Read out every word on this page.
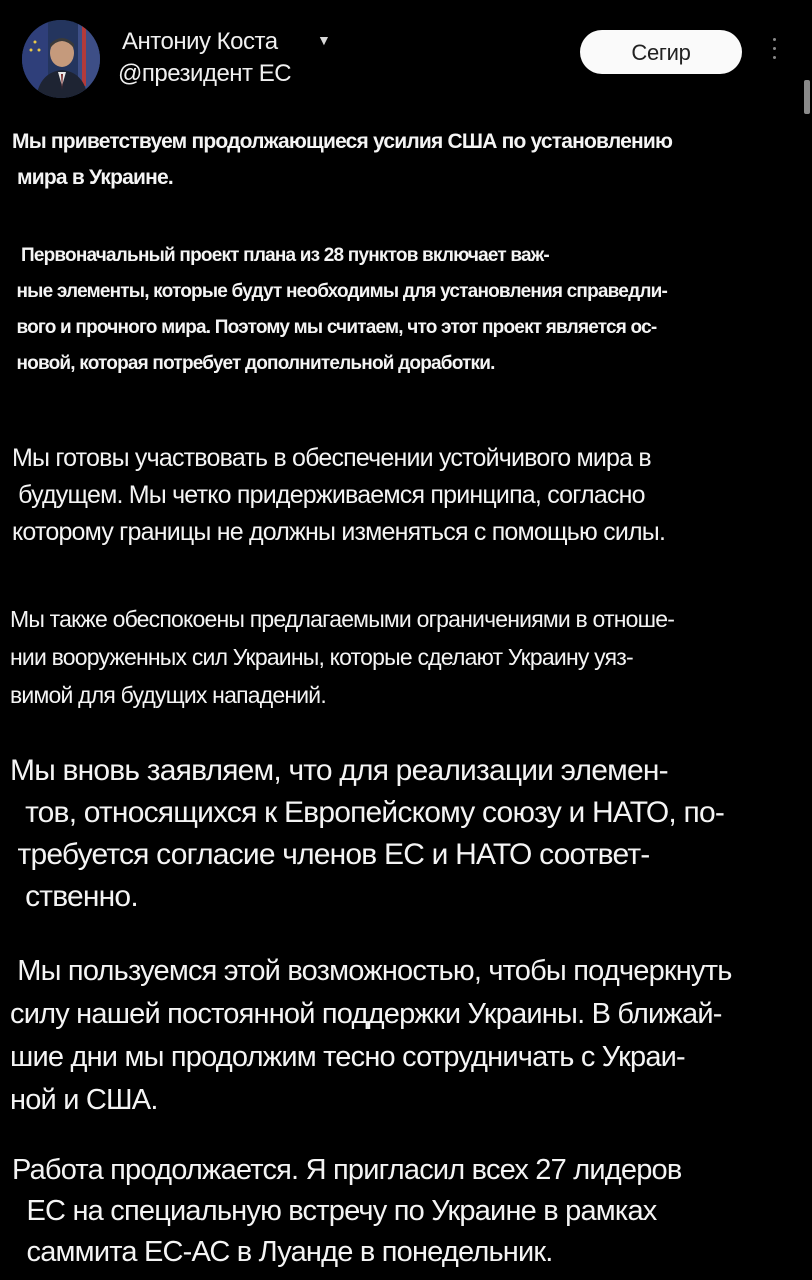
Антониу Коста	▼
@президент ЕС
Сегир

Мы приветствуем продолжающиеся усилия США по установлению
мира в Украине.

Первоначальный проект плана из 28 пунктов включает важ-
ные элементы, которые будут необходимы для установления справедли-
вого и прочного мира. Поэтому мы считаем, что этот проект является ос-
новой, которая потребует дополнительной доработки.

Мы готовы участвовать в обеспечении устойчивого мира в
будущем. Мы четко придерживаемся принципа, согласно
которому границы не должны изменяться с помощью силы.

Мы также обеспокоены предлагаемыми ограничениями в отноше-
нии вооруженных сил Украины, которые сделают Украину уяз-
вимой для будущих нападений.

Мы вновь заявляем, что для реализации элемен-
тов, относящихся к Европейскому союзу и НАТО, по-
требуется согласие членов ЕС и НАТО соответ-
ственно.

Мы пользуемся этой возможностью, чтобы подчеркнуть
силу нашей постоянной поддержки Украины. В ближай-
шие дни мы продолжим тесно сотрудничать с Украи-
ной и США.

Работа продолжается. Я пригласил всех 27 лидеров
ЕС на специальную встречу по Украине в рамках
саммита ЕС-АС в Луанде в понедельник.
